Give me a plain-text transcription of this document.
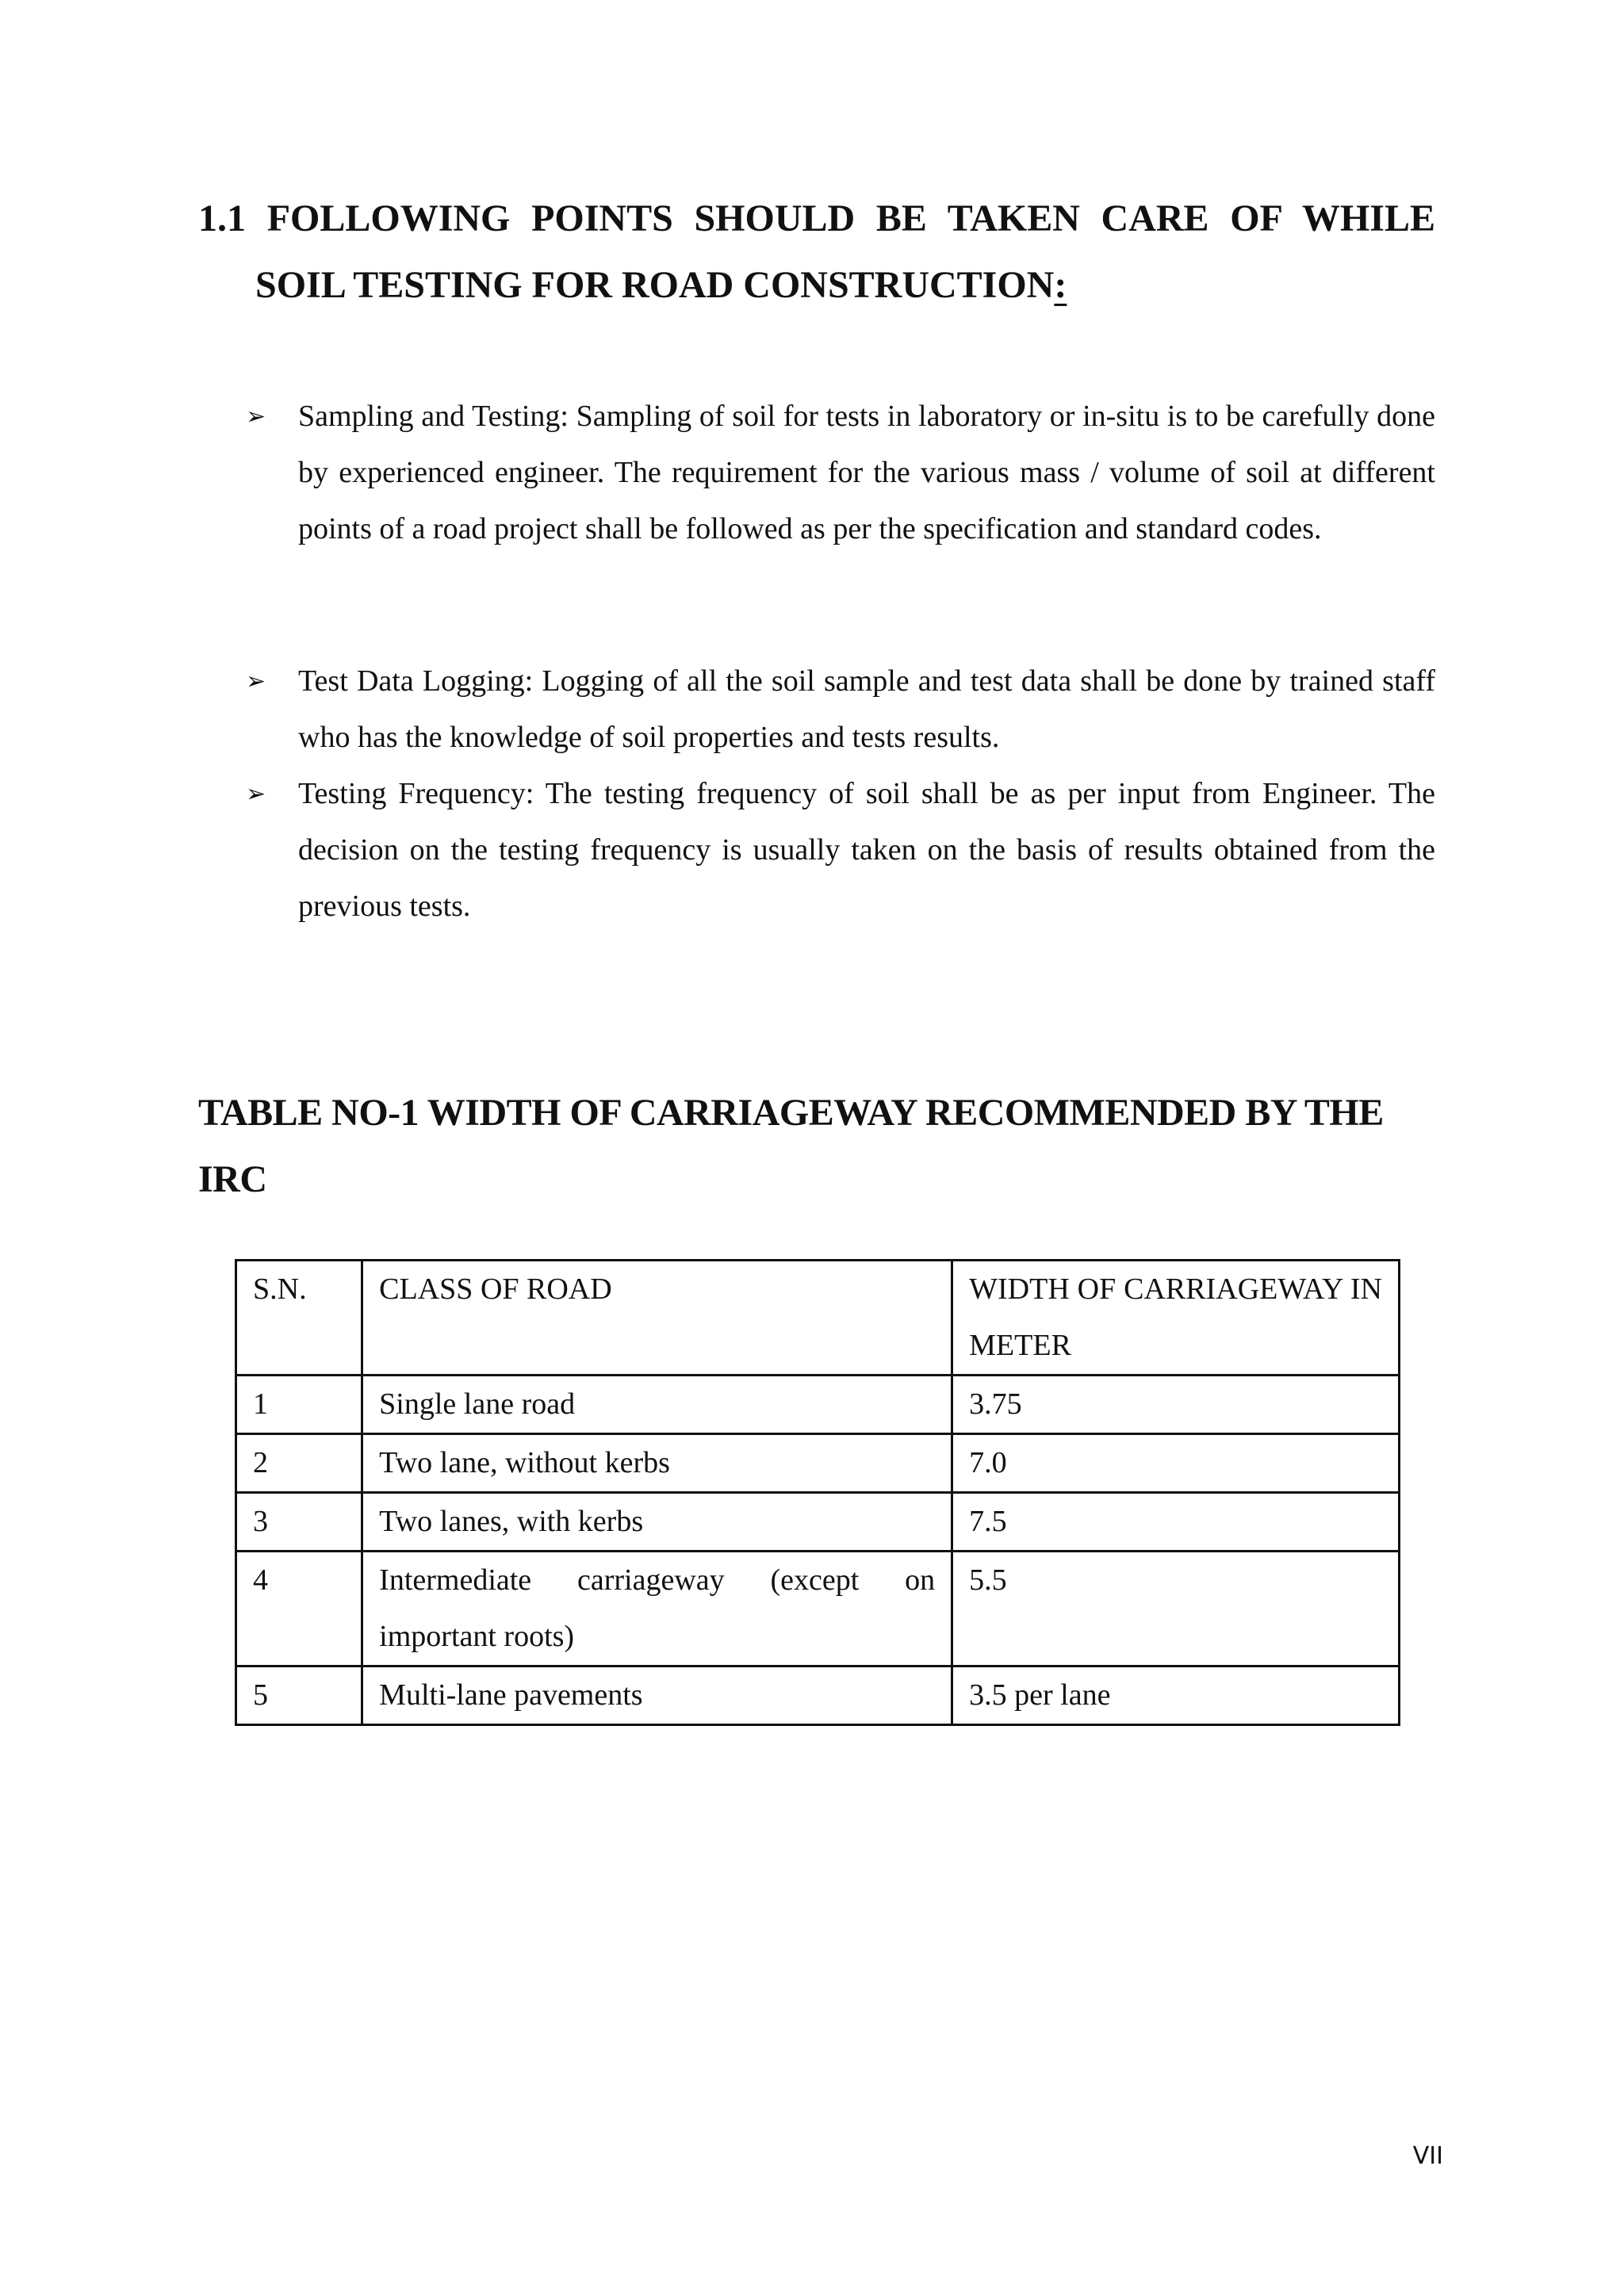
1.1 FOLLOWING POINTS SHOULD BE TAKEN CARE OF WHILE
SOIL TESTING FOR ROAD CONSTRUCTION:
➢ Sampling and Testing: Sampling of soil for tests in laboratory or in-situ is to be carefully done by experienced engineer. The requirement for the various mass / volume of soil at different points of a road project shall be followed as per the specification and standard codes.
➢ Test Data Logging: Logging of all the soil sample and test data shall be done by trained staff who has the knowledge of soil properties and tests results.
➢ Testing Frequency: The testing frequency of soil shall be as per input from Engineer. The decision on the testing frequency is usually taken on the basis of results obtained from the previous tests.
TABLE NO-1 WIDTH OF CARRIAGEWAY RECOMMENDED BY THE IRC
S.N.	CLASS OF ROAD	WIDTH OF CARRIAGEWAY IN METER
1	Single lane road	3.75
2	Two lane, without kerbs	7.0
3	Two lanes, with kerbs	7.5
4	Intermediate carriageway (except on important roots)	5.5
5	Multi-lane pavements	3.5 per lane
VII
